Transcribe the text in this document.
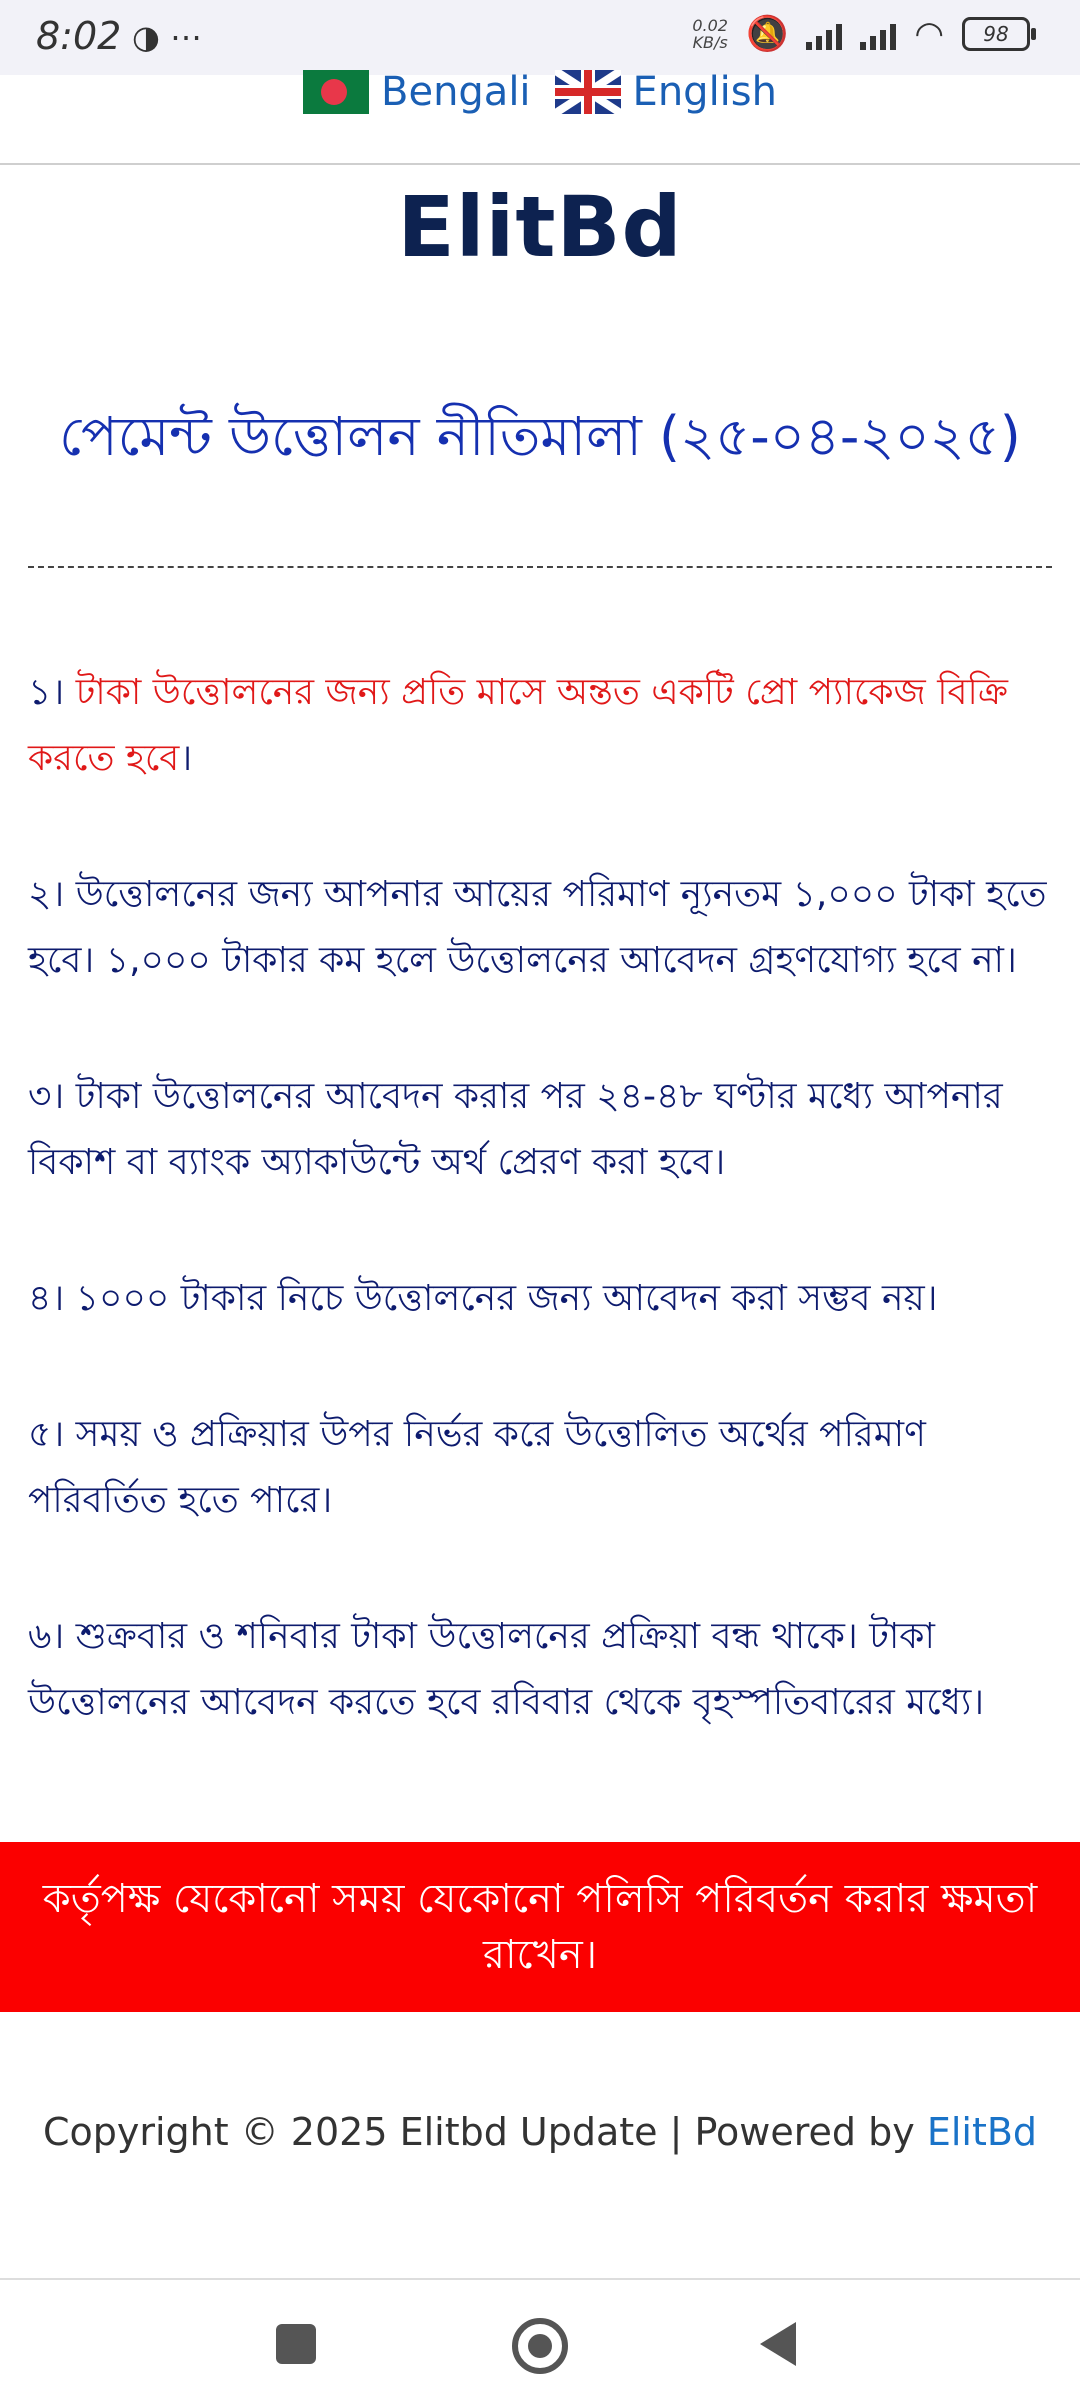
8:02 ◑ ⋯	0.02
KB/s 🔕	◠	98
Bengali	English
ElitBd
পেমেন্ট উত্তোলন নীতিমালা (২৫-০৪-২০২৫)
১। টাকা উত্তোলনের জন্য প্রতি মাসে অন্তত একটি প্রো প্যাকেজ বিক্রি করতে হবে।
২। উত্তোলনের জন্য আপনার আয়ের পরিমাণ ন্যূনতম ১,০০০ টাকা হতে হবে। ১,০০০ টাকার কম হলে উত্তোলনের আবেদন গ্রহণযোগ্য হবে না।
৩। টাকা উত্তোলনের আবেদন করার পর ২৪-৪৮ ঘণ্টার মধ্যে আপনার বিকাশ বা ব্যাংক অ্যাকাউন্টে অর্থ প্রেরণ করা হবে।
৪। ১০০০ টাকার নিচে উত্তোলনের জন্য আবেদন করা সম্ভব নয়।
৫। সময় ও প্রক্রিয়ার উপর নির্ভর করে উত্তোলিত অর্থের পরিমাণ পরিবর্তিত হতে পারে।
৬। শুক্রবার ও শনিবার টাকা উত্তোলনের প্রক্রিয়া বন্ধ থাকে। টাকা উত্তোলনের আবেদন করতে হবে রবিবার থেকে বৃহস্পতিবারের মধ্যে।
কর্তৃপক্ষ যেকোনো সময় যেকোনো পলিসি পরিবর্তন করার ক্ষমতা রাখেন।
Copyright © 2025 Elitbd Update | Powered by ElitBd
